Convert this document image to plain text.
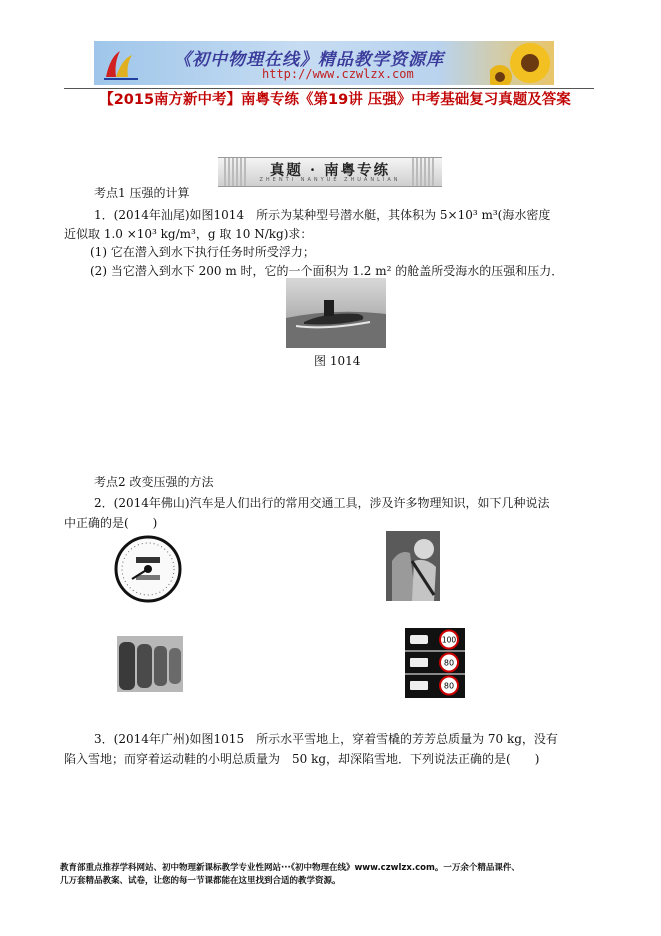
《初中物理在线》精品教学资源库
http://www.czwlzx.com
【2015南方新中考】南粤专练《第19讲 压强》中考基础复习真题及答案
真题 · 南粤专练
ZHENTI NANYUE ZHUANLIAN
考点1 压强的计算
1．(2014年汕尾)如图1014　所示为某种型号潜水艇，其体积为 5×10³ m³(海水密度
近似取 1.0 ×10³ kg/m³，g 取 10 N/kg)求：
(1) 它在潜入到水下执行任务时所受浮力；
(2) 当它潜入到水下 200 m 时，它的一个面积为 1.2 m² 的舱盖所受海水的压强和压力．
图 1014
考点2 改变压强的方法
2．(2014年佛山)汽车是人们出行的常用交通工具，涉及许多物理知识，如下几种说法
中正确的是(　　)
100
80
80
3．(2014年广州)如图1015　所示水平雪地上，穿着雪橇的芳芳总质量为 70 kg，没有
陷入雪地；而穿着运动鞋的小明总质量为　50 kg，却深陷雪地．下列说法正确的是(　　)
教育部重点推荐学科网站、初中物理新课标教学专业性网站···《初中物理在线》www.czwlzx.com。一万余个精品课件、
几万套精品教案、试卷，让您的每一节课都能在这里找到合适的教学资源。
